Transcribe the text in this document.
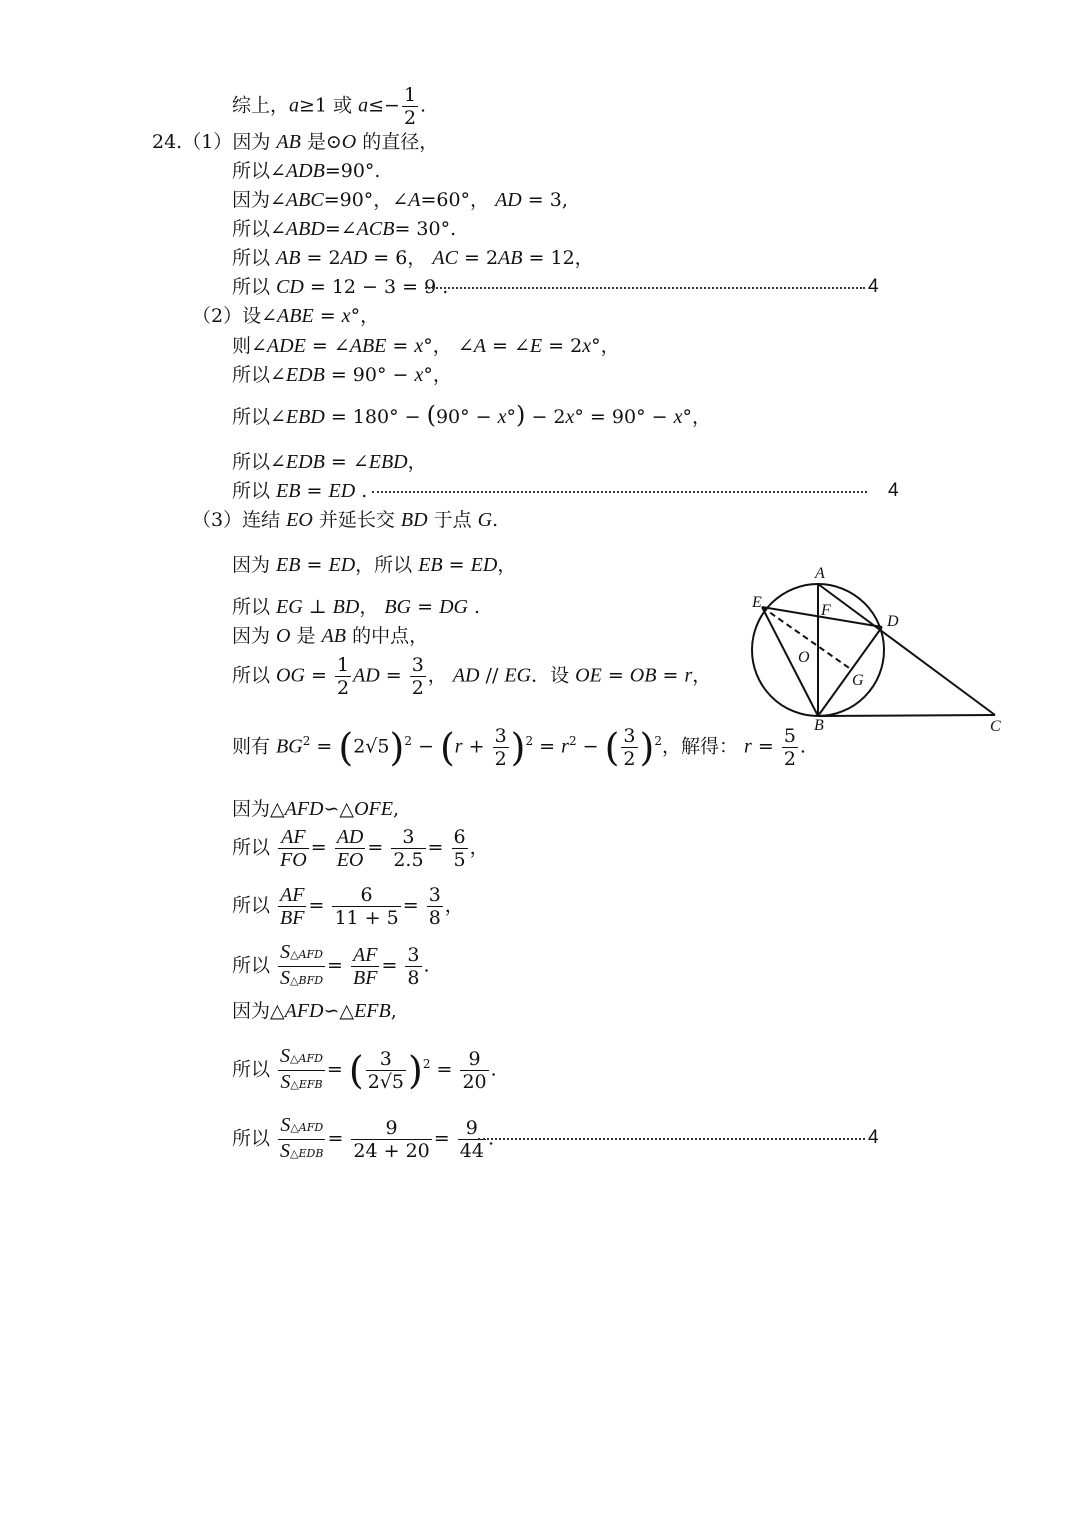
综上，a≥1 或 $a\le- \frac{1}{2}$ .
24.（1）因为 AB 是⊙O 的直径，
所以∠ADB=90°.
因为∠ABC=90°，∠A=60°， AD = 3,
所以∠ABD=∠ACB= 30°.
所以 AB = 2AD = 6， AC = 2AB = 12，
所以 CD = 12 − 3 = 9 .	4
（2）设∠ABE = x°，
则∠ADE = ∠ABE = x°， ∠A = ∠E = 2x°，
所以∠EDB = 90° − x°，
所以∠EBD = 180° − (90° − x°) − 2x° = 90° − x°，
所以∠EDB = ∠EBD，
所以 EB = ED .	4
（3）连结 EO 并延长交 BD 于点 G.
因为 EB = ED，所以 EB = ED，
所以 EG ⊥ BD， BG = DG .
因为 O 是 AB 的中点，
所以 OG = $\frac{1}{2}$ AD = $\frac{3}{2}$ ， AD // EG．设 OE = OB = r，
则有 $BG^2 = (2√5)^2 - (r + \frac{3}{2} )^2 = r^2$ − ( $\frac{3}{2} )^2$，解得： $r = \frac{5}{2}$ .
因为△AFD∽△OFE,
所以 $\frac{AF}{FO} = \frac{AD}{EO} = \frac{3}{2.5} = \frac{6}{5}$ ，
所以 $\frac{AF}{BF} = \frac{6}{11 + 5} = \frac{3}{8}$ ，
所以 $\frac{\text{S△AFD}}{\text{S△BFD}} = \frac{AF}{BF} = \frac{3}{8}$ .
因为△AFD∽△EFB,
所以 $\frac{\text{S△AFD}}{\text{S△EFB}}$ = ( $\frac{3}{2√5} )^2 = \frac{9}{20}$ .
所以 $\frac{\text{S△AFD}}{\text{S△EDB}} = \frac{9}{24 + 20} = \frac{9}{44}$ .	4
A
B	C
D
E	F
O
G
